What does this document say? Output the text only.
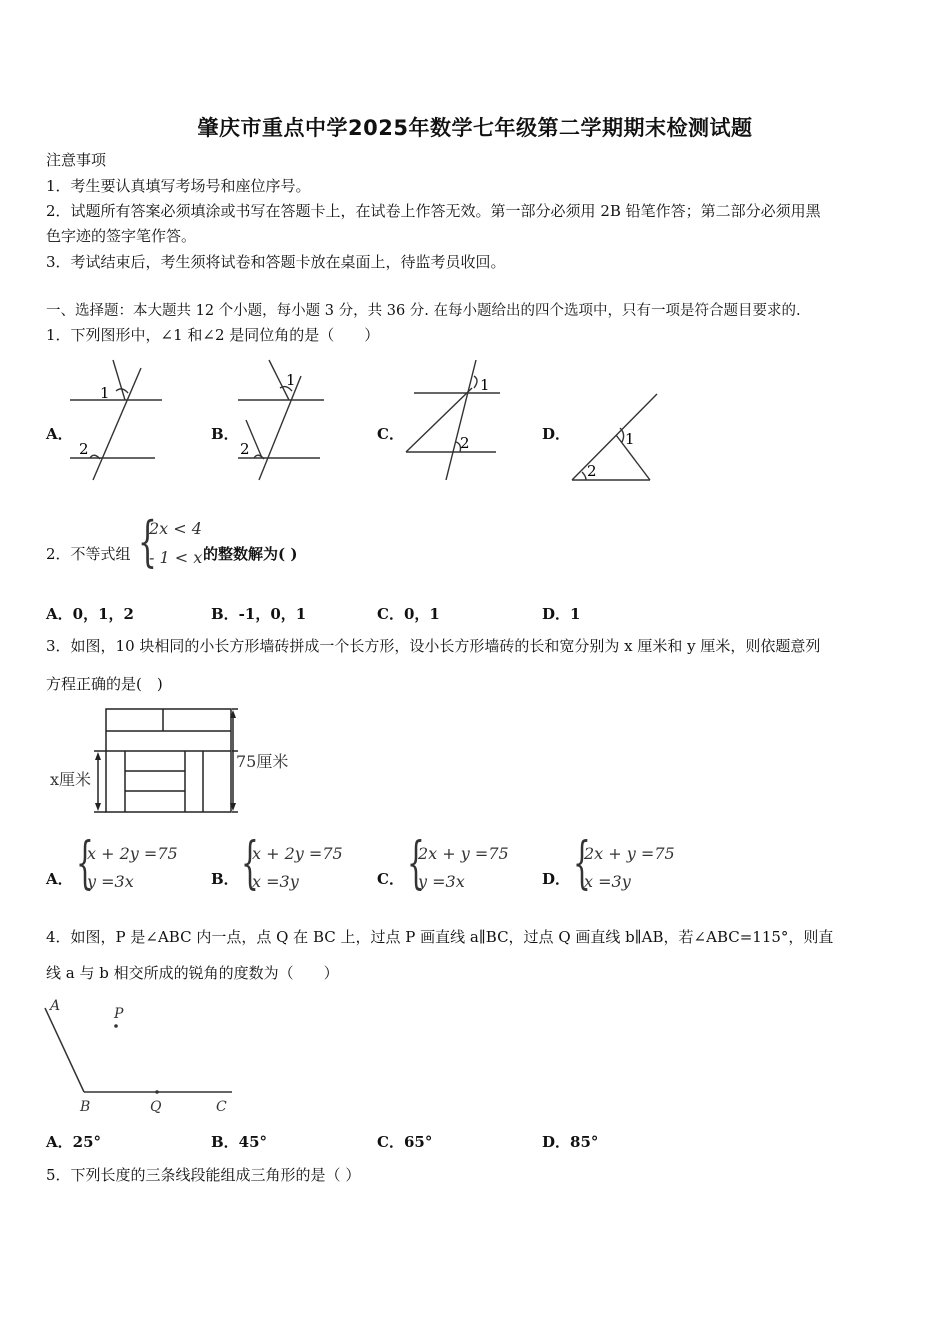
肇庆市重点中学2025年数学七年级第二学期期末检测试题
注意事项
1．考生要认真填写考场号和座位序号。
2．试题所有答案必须填涂或书写在答题卡上，在试卷上作答无效。第一部分必须用 2B 铅笔作答；第二部分必须用黑
色字迹的签字笔作答。
3．考试结束后，考生须将试卷和答题卡放在桌面上，待监考员收回。
一、选择题：本大题共 12 个小题，每小题 3 分，共 36 分. 在每小题给出的四个选项中，只有一项是符合题目要求的.
1．下列图形中，∠1 和∠2 是同位角的是（　　）
A．	B．	C．	D．
1
2
1
2
1
2	1
2
2．不等式组 {
2x < 4
- 1 < x 的整数解为( )
A．0，1，2	B．-1，0，1	C．0，1	D．1
3．如图，10 块相同的小长方形墙砖拼成一个长方形，设小长方形墙砖的长和宽分别为 x 厘米和 y 厘米，则依题意列
方程正确的是(　)
x厘米
75厘米
A． {
x + 2y =75
y =3x	B． {
x + 2y =75
x =3y	C． {
2x + y =75
y =3x	D． {
2x + y =75
x =3y
4．如图，P 是∠ABC 内一点，点 Q 在 BC 上，过点 P 画直线 a∥BC，过点 Q 画直线 b∥AB，若∠ABC=115°，则直
线 a 与 b 相交所成的锐角的度数为（　　）
A	P
B	Q	C
A．25°	B．45°	C．65°	D．85°
5．下列长度的三条线段能组成三角形的是（ ）
